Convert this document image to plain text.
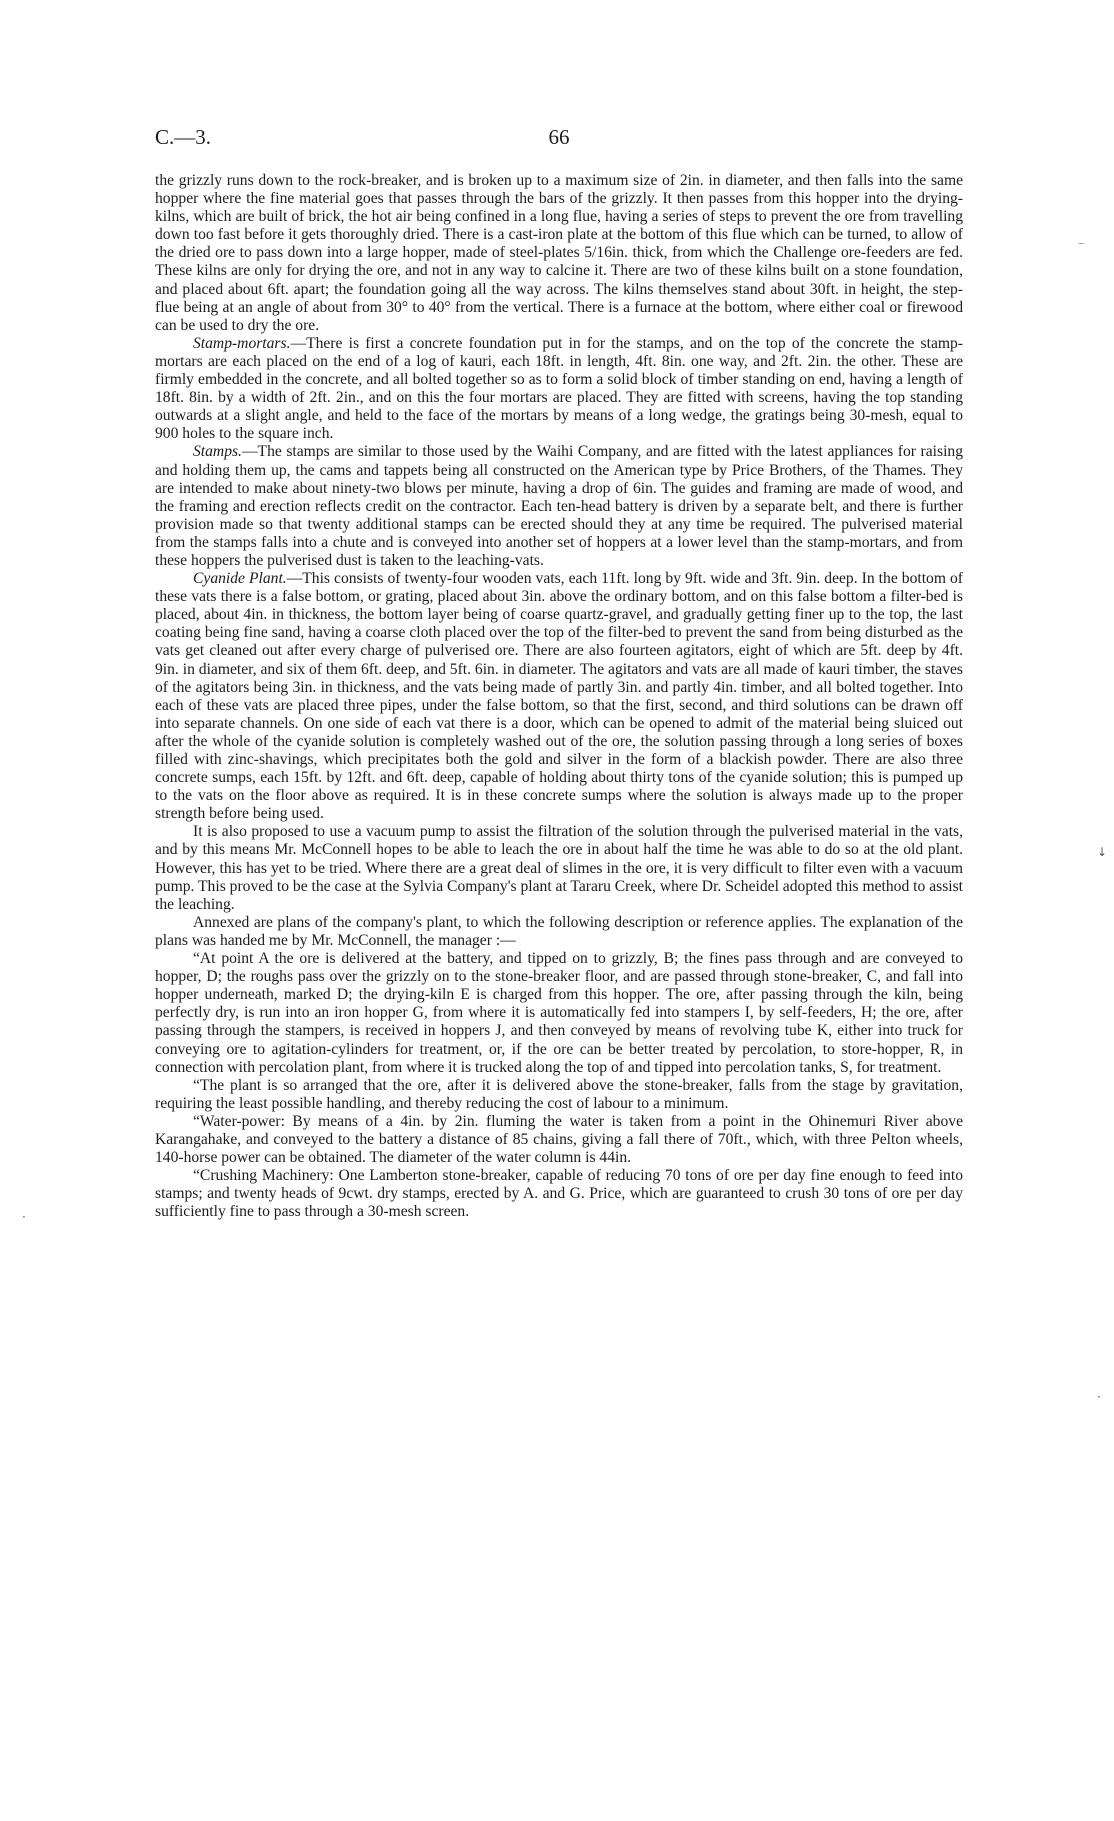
C.—3.	66

the grizzly runs down to the rock-breaker, and is broken up to a maximum size of 2in. in diameter, and then falls into the same hopper where the fine material goes that passes through the bars of the grizzly. It then passes from this hopper into the drying-kilns, which are built of brick, the hot air being confined in a long flue, having a series of steps to prevent the ore from travelling down too fast before it gets thoroughly dried. There is a cast-iron plate at the bottom of this flue which can be turned, to allow of the dried ore to pass down into a large hopper, made of steel-plates 5/16in. thick, from which the Challenge ore-feeders are fed. These kilns are only for drying the ore, and not in any way to calcine it. There are two of these kilns built on a stone foundation, and placed about 6ft. apart; the foundation going all the way across. The kilns themselves stand about 30ft. in height, the step-flue being at an angle of about from 30° to 40° from the vertical. There is a furnace at the bottom, where either coal or firewood can be used to dry the ore.

Stamp-mortars.—There is first a concrete foundation put in for the stamps, and on the top of the concrete the stamp-mortars are each placed on the end of a log of kauri, each 18ft. in length, 4ft. 8in. one way, and 2ft. 2in. the other. These are firmly embedded in the concrete, and all bolted together so as to form a solid block of timber standing on end, having a length of 18ft. 8in. by a width of 2ft. 2in., and on this the four mortars are placed. They are fitted with screens, having the top standing outwards at a slight angle, and held to the face of the mortars by means of a long wedge, the gratings being 30-mesh, equal to 900 holes to the square inch.

Stamps.—The stamps are similar to those used by the Waihi Company, and are fitted with the latest appliances for raising and holding them up, the cams and tappets being all constructed on the American type by Price Brothers, of the Thames. They are intended to make about ninety-two blows per minute, having a drop of 6in. The guides and framing are made of wood, and the framing and erection reflects credit on the contractor. Each ten-head battery is driven by a separate belt, and there is further provision made so that twenty additional stamps can be erected should they at any time be required. The pulverised material from the stamps falls into a chute and is conveyed into another set of hoppers at a lower level than the stamp-mortars, and from these hoppers the pulverised dust is taken to the leaching-vats.

Cyanide Plant.—This consists of twenty-four wooden vats, each 11ft. long by 9ft. wide and 3ft. 9in. deep. In the bottom of these vats there is a false bottom, or grating, placed about 3in. above the ordinary bottom, and on this false bottom a filter-bed is placed, about 4in. in thickness, the bottom layer being of coarse quartz-gravel, and gradually getting finer up to the top, the last coating being fine sand, having a coarse cloth placed over the top of the filter-bed to prevent the sand from being disturbed as the vats get cleaned out after every charge of pulverised ore. There are also fourteen agitators, eight of which are 5ft. deep by 4ft. 9in. in diameter, and six of them 6ft. deep, and 5ft. 6in. in diameter. The agitators and vats are all made of kauri timber, the staves of the agitators being 3in. in thickness, and the vats being made of partly 3in. and partly 4in. timber, and all bolted together. Into each of these vats are placed three pipes, under the false bottom, so that the first, second, and third solutions can be drawn off into separate channels. On one side of each vat there is a door, which can be opened to admit of the material being sluiced out after the whole of the cyanide solution is completely washed out of the ore, the solution passing through a long series of boxes filled with zinc-shavings, which precipitates both the gold and silver in the form of a blackish powder. There are also three concrete sumps, each 15ft. by 12ft. and 6ft. deep, capable of holding about thirty tons of the cyanide solution; this is pumped up to the vats on the floor above as required. It is in these concrete sumps where the solution is always made up to the proper strength before being used.

It is also proposed to use a vacuum pump to assist the filtration of the solution through the pulverised material in the vats, and by this means Mr. McConnell hopes to be able to leach the ore in about half the time he was able to do so at the old plant. However, this has yet to be tried. Where there are a great deal of slimes in the ore, it is very difficult to filter even with a vacuum pump. This proved to be the case at the Sylvia Company's plant at Tararu Creek, where Dr. Scheidel adopted this method to assist the leaching.

Annexed are plans of the company's plant, to which the following description or reference applies. The explanation of the plans was handed me by Mr. McConnell, the manager :—

“At point A the ore is delivered at the battery, and tipped on to grizzly, B; the fines pass through and are conveyed to hopper, D; the roughs pass over the grizzly on to the stone-breaker floor, and are passed through stone-breaker, C, and fall into hopper underneath, marked D; the drying-kiln E is charged from this hopper. The ore, after passing through the kiln, being perfectly dry, is run into an iron hopper G, from where it is automatically fed into stampers I, by self-feeders, H; the ore, after passing through the stampers, is received in hoppers J, and then conveyed by means of revolving tube K, either into truck for conveying ore to agitation-cylinders for treatment, or, if the ore can be better treated by percolation, to store-hopper, R, in connection with percolation plant, from where it is trucked along the top of and tipped into percolation tanks, S, for treatment.

“The plant is so arranged that the ore, after it is delivered above the stone-breaker, falls from the stage by gravitation, requiring the least possible handling, and thereby reducing the cost of labour to a minimum.

“Water-power: By means of a 4in. by 2in. fluming the water is taken from a point in the Ohinemuri River above Karangahake, and conveyed to the battery a distance of 85 chains, giving a fall there of 70ft., which, with three Pelton wheels, 140-horse power can be obtained. The diameter of the water column is 44in.

“Crushing Machinery: One Lamberton stone-breaker, capable of reducing 70 tons of ore per day fine enough to feed into stamps; and twenty heads of 9cwt. dry stamps, erected by A. and G. Price, which are guaranteed to crush 30 tons of ore per day sufficiently fine to pass through a 30-mesh screen.

⁻
↓
·
·
